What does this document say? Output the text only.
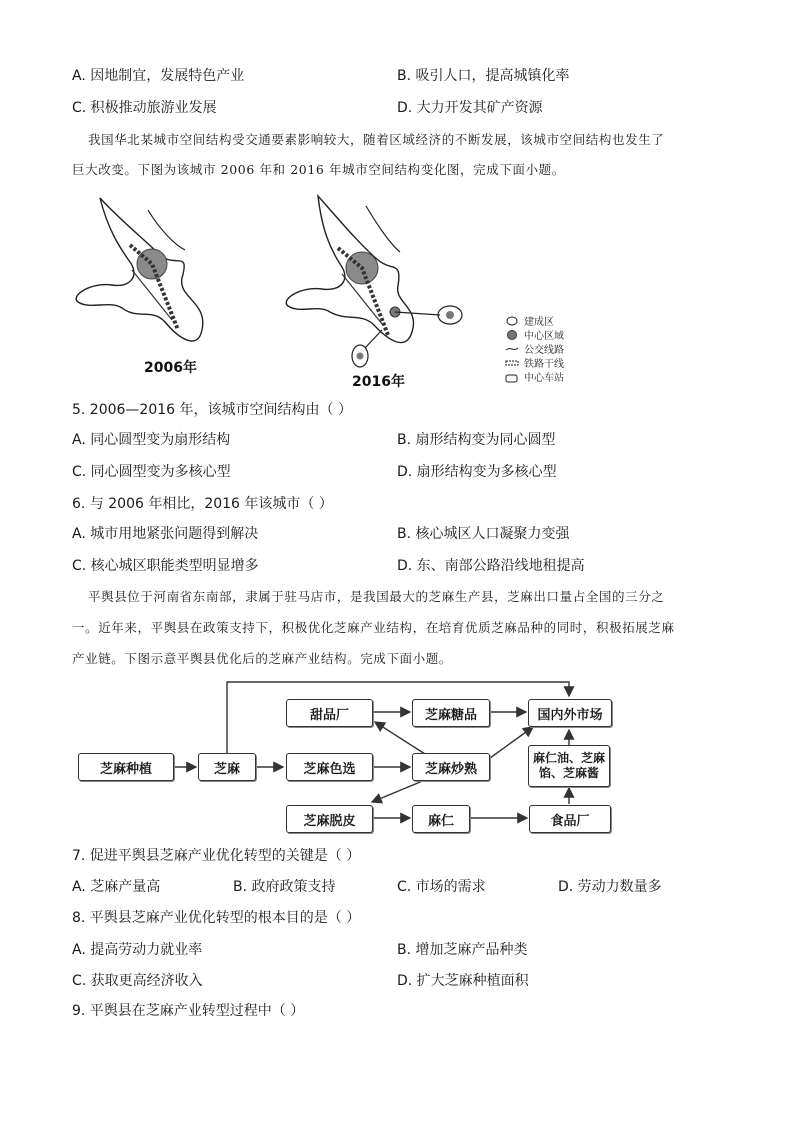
A. 因地制宜，发展特色产业	B. 吸引人口，提高城镇化率
C. 积极推动旅游业发展	D. 大力开发其矿产资源
我国华北某城市空间结构受交通要素影响较大，随着区域经济的不断发展，该城市空间结构也发生了
巨大改变。下图为该城市 2006 年和 2016 年城市空间结构变化图，完成下面小题。
2006年
2016年
建成区
中心区域
公交线路
铁路干线
中心车站
5. 2006—2016 年，该城市空间结构由（ ）
A. 同心圆型变为扇形结构	B. 扇形结构变为同心圆型
C. 同心圆型变为多核心型	D. 扇形结构变为多核心型
6. 与 2006 年相比，2016 年该城市（ ）
A. 城市用地紧张问题得到解决	B. 核心城区人口凝聚力变强
C. 核心城区职能类型明显增多	D. 东、南部公路沿线地租提高
平舆县位于河南省东南部，隶属于驻马店市，是我国最大的芝麻生产县，芝麻出口量占全国的三分之
一。近年来，平舆县在政策支持下，积极优化芝麻产业结构，在培育优质芝麻品种的同时，积极拓展芝麻
产业链。下图示意平舆县优化后的芝麻产业结构。完成下面小题。
芝麻种植	芝麻	芝麻色选	芝麻炒熟
甜品厂	芝麻糖品	国内外市场
麻仁油、芝麻馅、芝麻酱
芝麻脱皮	麻仁	食品厂
7. 促进平舆县芝麻产业优化转型的关键是（ ）
A. 芝麻产量高	B. 政府政策支持	C. 市场的需求	D. 劳动力数量多
8. 平舆县芝麻产业优化转型的根本目的是（ ）
A. 提高劳动力就业率	B. 增加芝麻产品种类
C. 获取更高经济收入	D. 扩大芝麻种植面积
9. 平舆县在芝麻产业转型过程中（ ）
